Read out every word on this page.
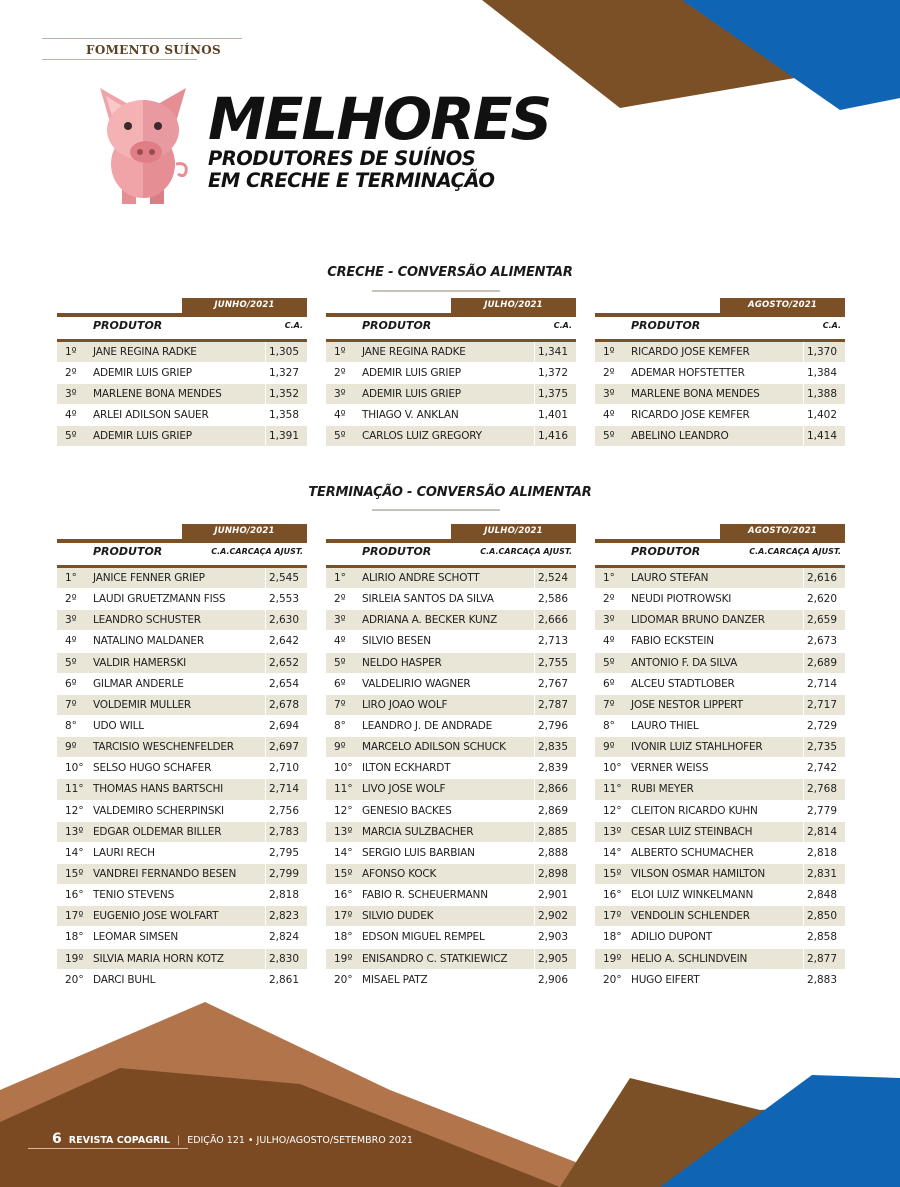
FOMENTO SUÍNOS
MELHORES
PRODUTORES DE SUÍNOS
EM CRECHE E TERMINAÇÃO
CRECHE - CONVERSÃO ALIMENTAR
JUNHO/2021
PRODUTOR	C.A.
1º JANE REGINA RADKE	1,305
2º ADEMIR LUIS GRIEP	1,327
3º MARLENE BONA MENDES	1,352
4º ARLEI ADILSON SAUER	1,358
5º ADEMIR LUIS GRIEP	1,391
JULHO/2021
PRODUTOR	C.A.
1º JANE REGINA RADKE	1,341
2º ADEMIR LUIS GRIEP	1,372
3º ADEMIR LUIS GRIEP	1,375
4º THIAGO V. ANKLAN	1,401
5º CARLOS LUIZ GREGORY	1,416
AGOSTO/2021
PRODUTOR	C.A.
1º RICARDO JOSE KEMFER	1,370
2º ADEMAR HOFSTETTER	1,384
3º MARLENE BONA MENDES	1,388
4º RICARDO JOSE KEMFER	1,402
5º ABELINO LEANDRO	1,414
TERMINAÇÃO - CONVERSÃO ALIMENTAR
JUNHO/2021
PRODUTOR	C.A.CARCAÇA AJUST.
1° JANICE FENNER GRIEP	2,545
2º LAUDI GRUETZMANN FISS	2,553
3º LEANDRO SCHUSTER	2,630
4º NATALINO MALDANER	2,642
5º VALDIR HAMERSKI	2,652
6º GILMAR ANDERLE	2,654
7º VOLDEMIR MULLER	2,678
8° UDO WILL	2,694
9º TARCISIO WESCHENFELDER	2,697
10° SELSO HUGO SCHAFER	2,710
11° THOMAS HANS BARTSCHI	2,714
12° VALDEMIRO SCHERPINSKI	2,756
13º EDGAR OLDEMAR BILLER	2,783
14° LAURI RECH	2,795
15º VANDREI FERNANDO BESEN	2,799
16° TENIO STEVENS	2,818
17º EUGENIO JOSE WOLFART	2,823
18° LEOMAR SIMSEN	2,824
19º SILVIA MARIA HORN KOTZ	2,830
20° DARCI BUHL	2,861
JULHO/2021
PRODUTOR	C.A.CARCAÇA AJUST.
1° ALIRIO ANDRE SCHOTT	2,524
2º SIRLEIA SANTOS DA SILVA	2,586
3º ADRIANA A. BECKER KUNZ	2,666
4º SILVIO BESEN	2,713
5º NELDO HASPER	2,755
6º VALDELIRIO WAGNER	2,767
7º LIRO JOAO WOLF	2,787
8° LEANDRO J. DE ANDRADE	2,796
9º MARCELO ADILSON SCHUCK	2,835
10° ILTON ECKHARDT	2,839
11° LIVO JOSE WOLF	2,866
12° GENESIO BACKES	2,869
13º MARCIA SULZBACHER	2,885
14° SERGIO LUIS BARBIAN	2,888
15º AFONSO KOCK	2,898
16° FABIO R. SCHEUERMANN	2,901
17º SILVIO DUDEK	2,902
18° EDSON MIGUEL REMPEL	2,903
19º ENISANDRO C. STATKIEWICZ	2,905
20° MISAEL PATZ	2,906
AGOSTO/2021
PRODUTOR	C.A.CARCAÇA AJUST.
1° LAURO STEFAN	2,616
2º NEUDI PIOTROWSKI	2,620
3º LIDOMAR BRUNO DANZER	2,659
4º FABIO ECKSTEIN	2,673
5º ANTONIO F. DA SILVA	2,689
6º ALCEU STADTLOBER	2,714
7º JOSE NESTOR LIPPERT	2,717
8° LAURO THIEL	2,729
9º IVONIR LUIZ STAHLHOFER	2,735
10° VERNER WEISS	2,742
11° RUBI MEYER	2,768
12° CLEITON RICARDO KUHN	2,779
13º CESAR LUIZ STEINBACH	2,814
14° ALBERTO SCHUMACHER	2,818
15º VILSON OSMAR HAMILTON	2,831
16° ELOI LUIZ WINKELMANN	2,848
17º VENDOLIN SCHLENDER	2,850
18° ADILIO DUPONT	2,858
19º HELIO A. SCHLINDVEIN	2,877
20° HUGO EIFERT	2,883
6 REVISTA COPAGRIL | EDIÇÃO 121 • JULHO/AGOSTO/SETEMBRO 2021
